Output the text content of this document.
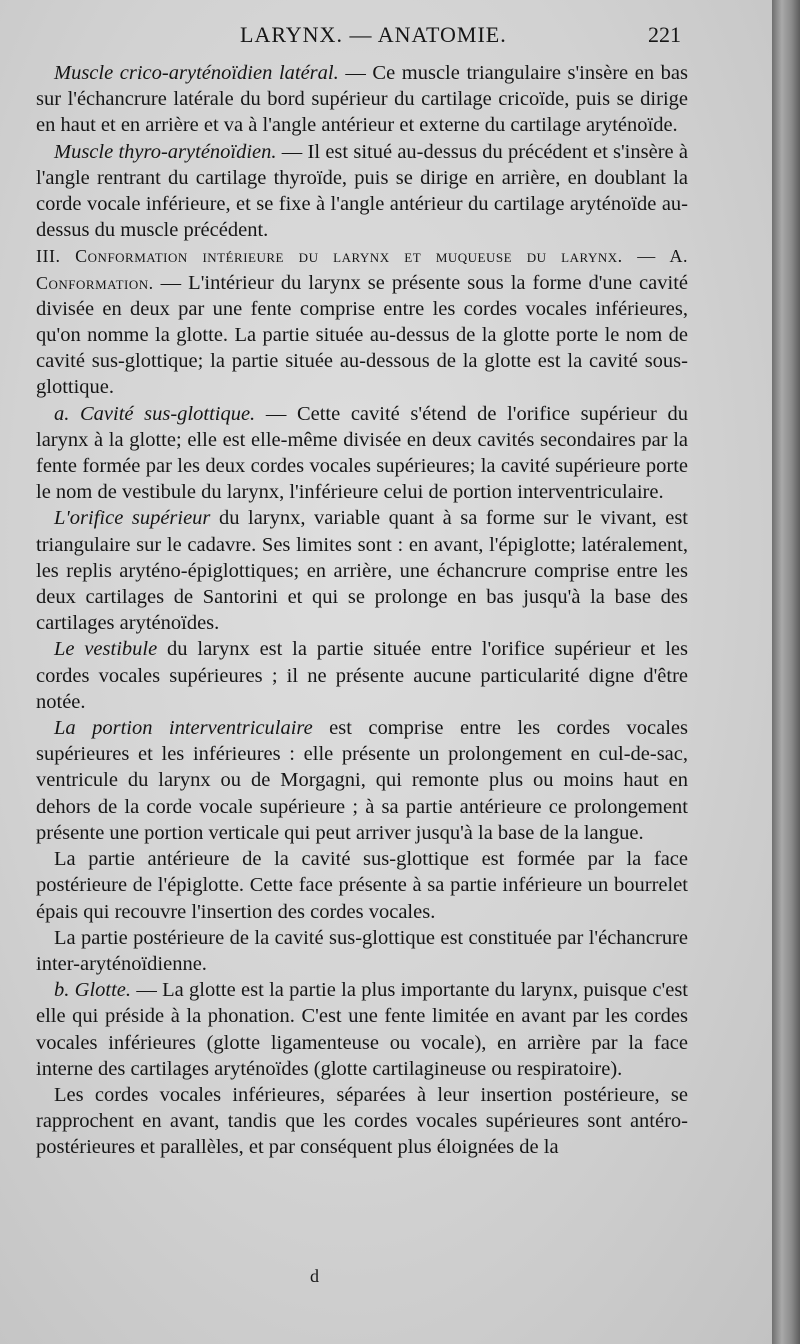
LARYNX. — ANATOMIE.	221

Muscle crico-aryténoïdien latéral. — Ce muscle triangulaire s'insère en bas sur l'échancrure latérale du bord supérieur du cartilage cricoïde, puis se dirige en haut et en arrière et va à l'angle antérieur et externe du cartilage aryténoïde.

Muscle thyro-aryténoïdien. — Il est situé au-dessus du précédent et s'insère à l'angle rentrant du cartilage thyroïde, puis se dirige en arrière, en doublant la corde vocale inférieure, et se fixe à l'angle antérieur du cartilage aryténoïde au-dessus du muscle précédent.

III. Conformation intérieure du larynx et muqueuse du larynx. — A. Conformation. — L'intérieur du larynx se présente sous la forme d'une cavité divisée en deux par une fente comprise entre les cordes vocales inférieures, qu'on nomme la glotte. La partie située au-dessus de la glotte porte le nom de cavité sus-glottique; la partie située au-dessous de la glotte est la cavité sous-glottique.

a. Cavité sus-glottique. — Cette cavité s'étend de l'orifice supérieur du larynx à la glotte; elle est elle-même divisée en deux cavités secondaires par la fente formée par les deux cordes vocales supérieures; la cavité supérieure porte le nom de vestibule du larynx, l'inférieure celui de portion interventriculaire.

L'orifice supérieur du larynx, variable quant à sa forme sur le vivant, est triangulaire sur le cadavre. Ses limites sont : en avant, l'épiglotte; latéralement, les replis aryténo-épiglottiques; en arrière, une échancrure comprise entre les deux cartilages de Santorini et qui se prolonge en bas jusqu'à la base des cartilages aryténoïdes.

Le vestibule du larynx est la partie située entre l'orifice supérieur et les cordes vocales supérieures ; il ne présente aucune particularité digne d'être notée.

La portion interventriculaire est comprise entre les cordes vocales supérieures et les inférieures : elle présente un prolongement en cul-de-sac, ventricule du larynx ou de Morgagni, qui remonte plus ou moins haut en dehors de la corde vocale supérieure ; à sa partie antérieure ce prolongement présente une portion verticale qui peut arriver jusqu'à la base de la langue.

La partie antérieure de la cavité sus-glottique est formée par la face postérieure de l'épiglotte. Cette face présente à sa partie inférieure un bourrelet épais qui recouvre l'insertion des cordes vocales.

La partie postérieure de la cavité sus-glottique est constituée par l'échancrure inter-aryténoïdienne.

b. Glotte. — La glotte est la partie la plus importante du larynx, puisque c'est elle qui préside à la phonation. C'est une fente limitée en avant par les cordes vocales inférieures (glotte ligamenteuse ou vocale), en arrière par la face interne des cartilages aryténoïdes (glotte cartilagineuse ou respiratoire).

Les cordes vocales inférieures, séparées à leur insertion postérieure, se rapprochent en avant, tandis que les cordes vocales supérieures sont antéro-postérieures et parallèles, et par conséquent plus éloignées de la

d
